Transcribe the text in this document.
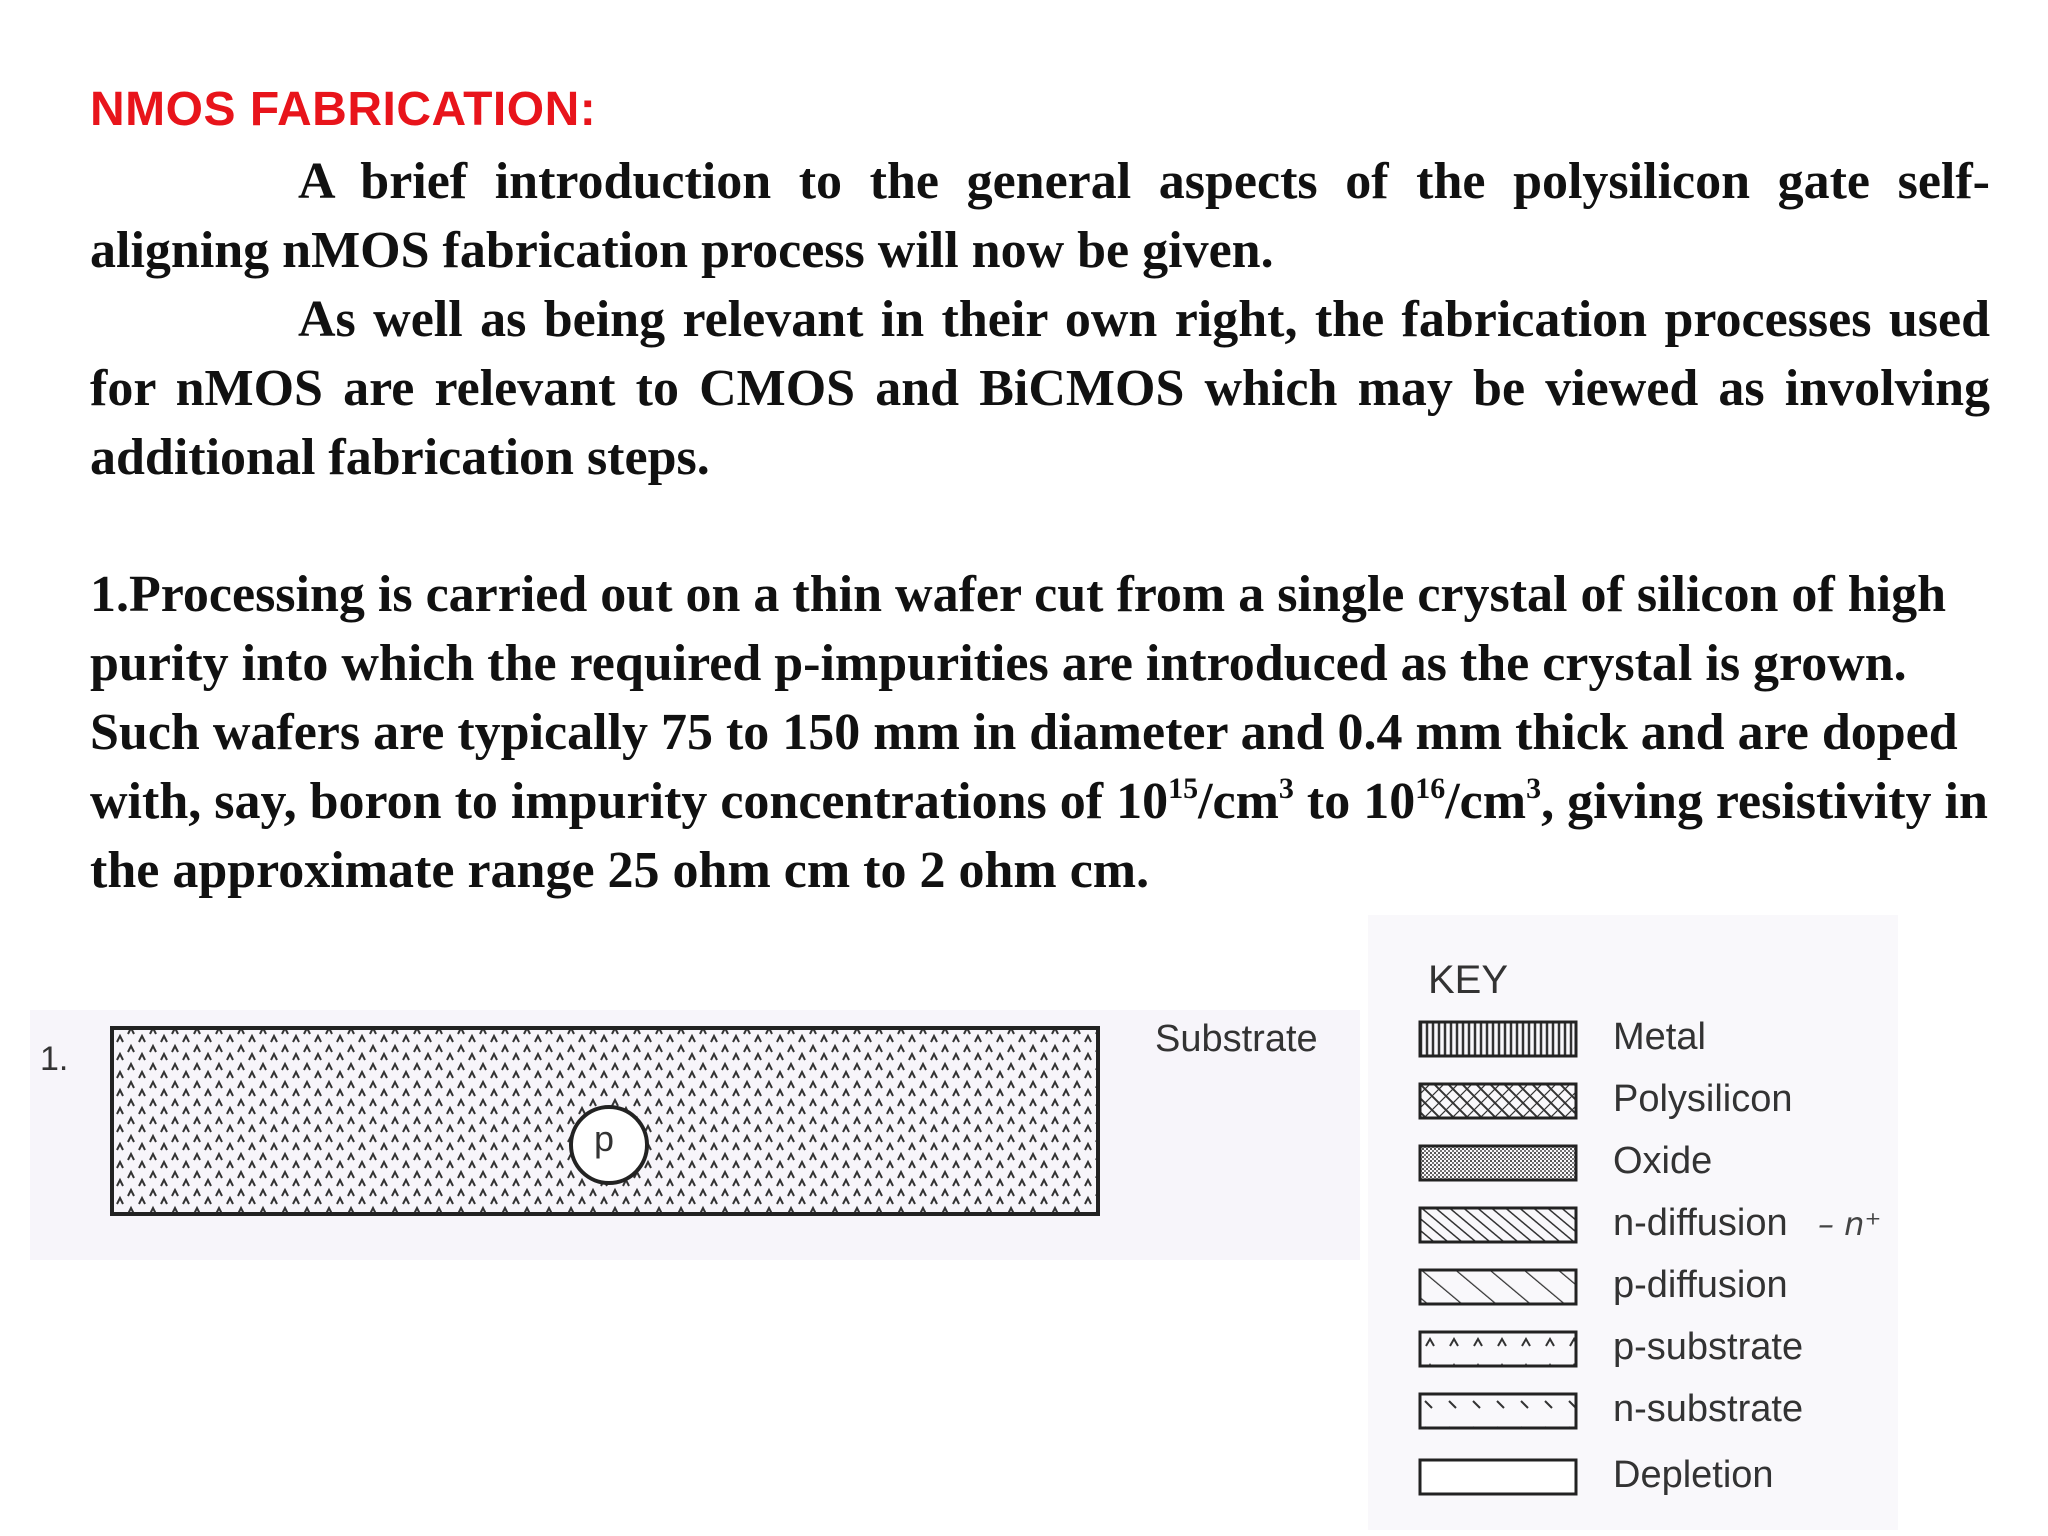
NMOS FABRICATION:

A brief introduction to the general aspects of the polysilicon gate self-aligning nMOS fabrication process will now be given.

As well as being relevant in their own right, the fabrication processes used for nMOS are relevant to CMOS and BiCMOS which may be viewed as involving additional fabrication steps.

1.Processing is carried out on a thin wafer cut from a single crystal of silicon of high purity into which the required p-impurities are introduced as the crystal is grown. Such wafers are typically 75 to 150 mm in diameter and 0.4 mm thick and are doped with, say, boron to impurity concentrations of $10^{15}/cm^3$ to $10^{16}/cm^3$, giving resistivity in the approximate range 25 ohm cm to 2 ohm cm.

1.
p
Substrate
KEY
Metal
Polysilicon
Oxide
n-diffusion
p-diffusion
p-substrate
n-substrate
Depletion
– n⁺
